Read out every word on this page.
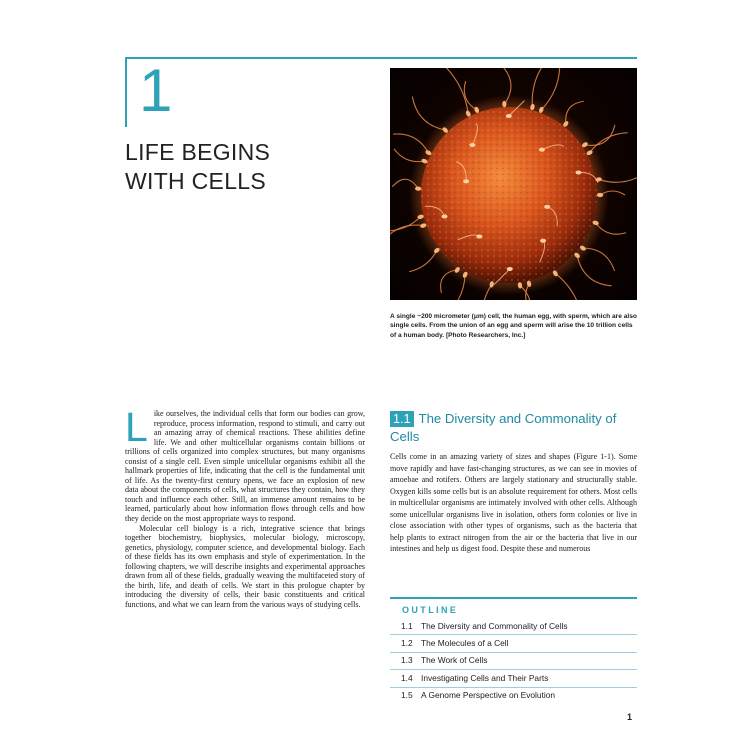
1
LIFE BEGINS
WITH CELLS
A single ~200 micrometer (μm) cell, the human egg, with sperm, which are also single cells. From the union of an egg and sperm will arise the 10 trillion cells of a human body. [Photo Researchers, Inc.]
L ike ourselves, the individual cells that form our bodies can grow, reproduce, process information, respond to stimuli, and carry out an amazing array of chemical reactions. These abilities define life. We and other multicellular organisms contain billions or trillions of cells organized into complex structures, but many organisms consist of a single cell. Even simple unicellular organisms exhibit all the hallmark properties of life, indicating that the cell is the fundamental unit of life. As the twenty-first century opens, we face an explosion of new data about the components of cells, what structures they contain, how they touch and influence each other. Still, an immense amount remains to be learned, particularly about how information flows through cells and how they decide on the most appropriate ways to respond.

Molecular cell biology is a rich, integrative science that brings together biochemistry, biophysics, molecular biology, microscopy, genetics, physiology, computer science, and developmental biology. Each of these fields has its own emphasis and style of experimentation. In the following chapters, we will describe insights and experimental approaches drawn from all of these fields, gradually weaving the multifaceted story of the birth, life, and death of cells. We start in this prologue chapter by introducing the diversity of cells, their basic constituents and critical functions, and what we can learn from the various ways of studying cells.

1.1 The Diversity and Commonality of Cells

Cells come in an amazing variety of sizes and shapes (Figure 1-1). Some move rapidly and have fast-changing structures, as we can see in movies of amoebae and rotifers. Others are largely stationary and structurally stable. Oxygen kills some cells but is an absolute requirement for others. Most cells in multicellular organisms are intimately involved with other cells. Although some unicellular organisms live in isolation, others form colonies or live in close association with other types of organisms, such as the bacteria that help plants to extract nitrogen from the air or the bacteria that live in our intestines and help us digest food. Despite these and numerous

OUTLINE
1.1 The Diversity and Commonality of Cells
1.2 The Molecules of a Cell
1.3 The Work of Cells
1.4 Investigating Cells and Their Parts
1.5 A Genome Perspective on Evolution
1
